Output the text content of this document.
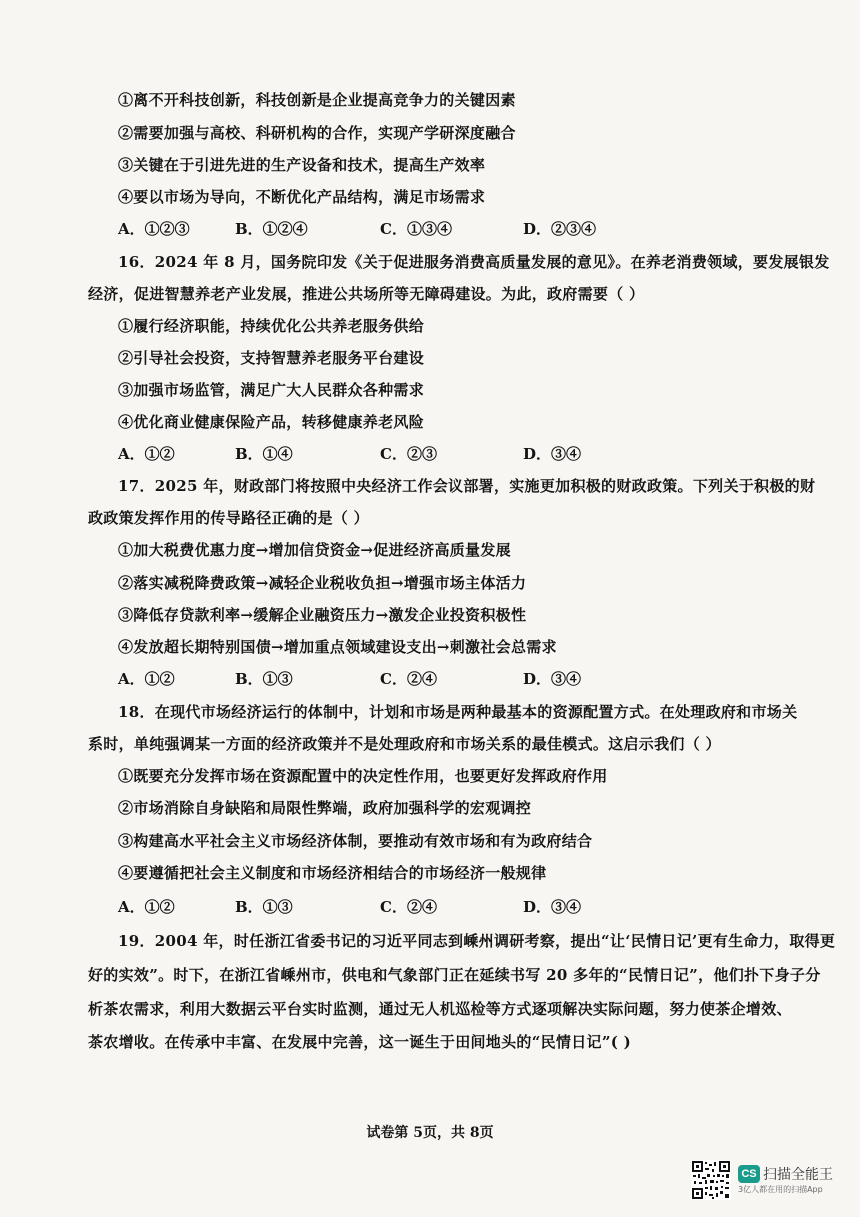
①离不开科技创新，科技创新是企业提高竞争力的关键因素
②需要加强与高校、科研机构的合作，实现产学研深度融合
③关键在于引进先进的生产设备和技术，提高生产效率
④要以市场为导向，不断优化产品结构，满足市场需求
A．①②③	B．①②④	C．①③④	D．②③④
16．2024 年 8 月，国务院印发《关于促进服务消费高质量发展的意见》。在养老消费领域，要发展银发
经济，促进智慧养老产业发展，推进公共场所等无障碍建设。为此，政府需要（ ）
①履行经济职能，持续优化公共养老服务供给
②引导社会投资，支持智慧养老服务平台建设
③加强市场监管，满足广大人民群众各种需求
④优化商业健康保险产品，转移健康养老风险
A．①②	B．①④	C．②③	D．③④
17．2025 年，财政部门将按照中央经济工作会议部署，实施更加积极的财政政策。下列关于积极的财
政政策发挥作用的传导路径正确的是（ ）
①加大税费优惠力度→增加信贷资金→促进经济高质量发展
②落实减税降费政策→减轻企业税收负担→增强市场主体活力
③降低存贷款利率→缓解企业融资压力→激发企业投资积极性
④发放超长期特别国债→增加重点领域建设支出→刺激社会总需求
A．①②	B．①③	C．②④	D．③④
18．在现代市场经济运行的体制中，计划和市场是两种最基本的资源配置方式。在处理政府和市场关
系时，单纯强调某一方面的经济政策并不是处理政府和市场关系的最佳模式。这启示我们（ ）
①既要充分发挥市场在资源配置中的决定性作用，也要更好发挥政府作用
②市场消除自身缺陷和局限性弊端，政府加强科学的宏观调控
③构建高水平社会主义市场经济体制，要推动有效市场和有为政府结合
④要遵循把社会主义制度和市场经济相结合的市场经济一般规律
A．①②	B．①③	C．②④	D．③④
19．2004 年，时任浙江省委书记的习近平同志到嵊州调研考察，提出“让‘民情日记’更有生命力，取得更
好的实效”。时下，在浙江省嵊州市，供电和气象部门正在延续书写 20 多年的“民情日记”，他们扑下身子分
析茶农需求，利用大数据云平台实时监测，通过无人机巡检等方式逐项解决实际问题，努力使茶企增效、
茶农增收。在传承中丰富、在发展中完善，这一诞生于田间地头的“民情日记”( )
试卷第 5页，共 8页
CS 扫描全能王
3亿人都在用的扫描App
